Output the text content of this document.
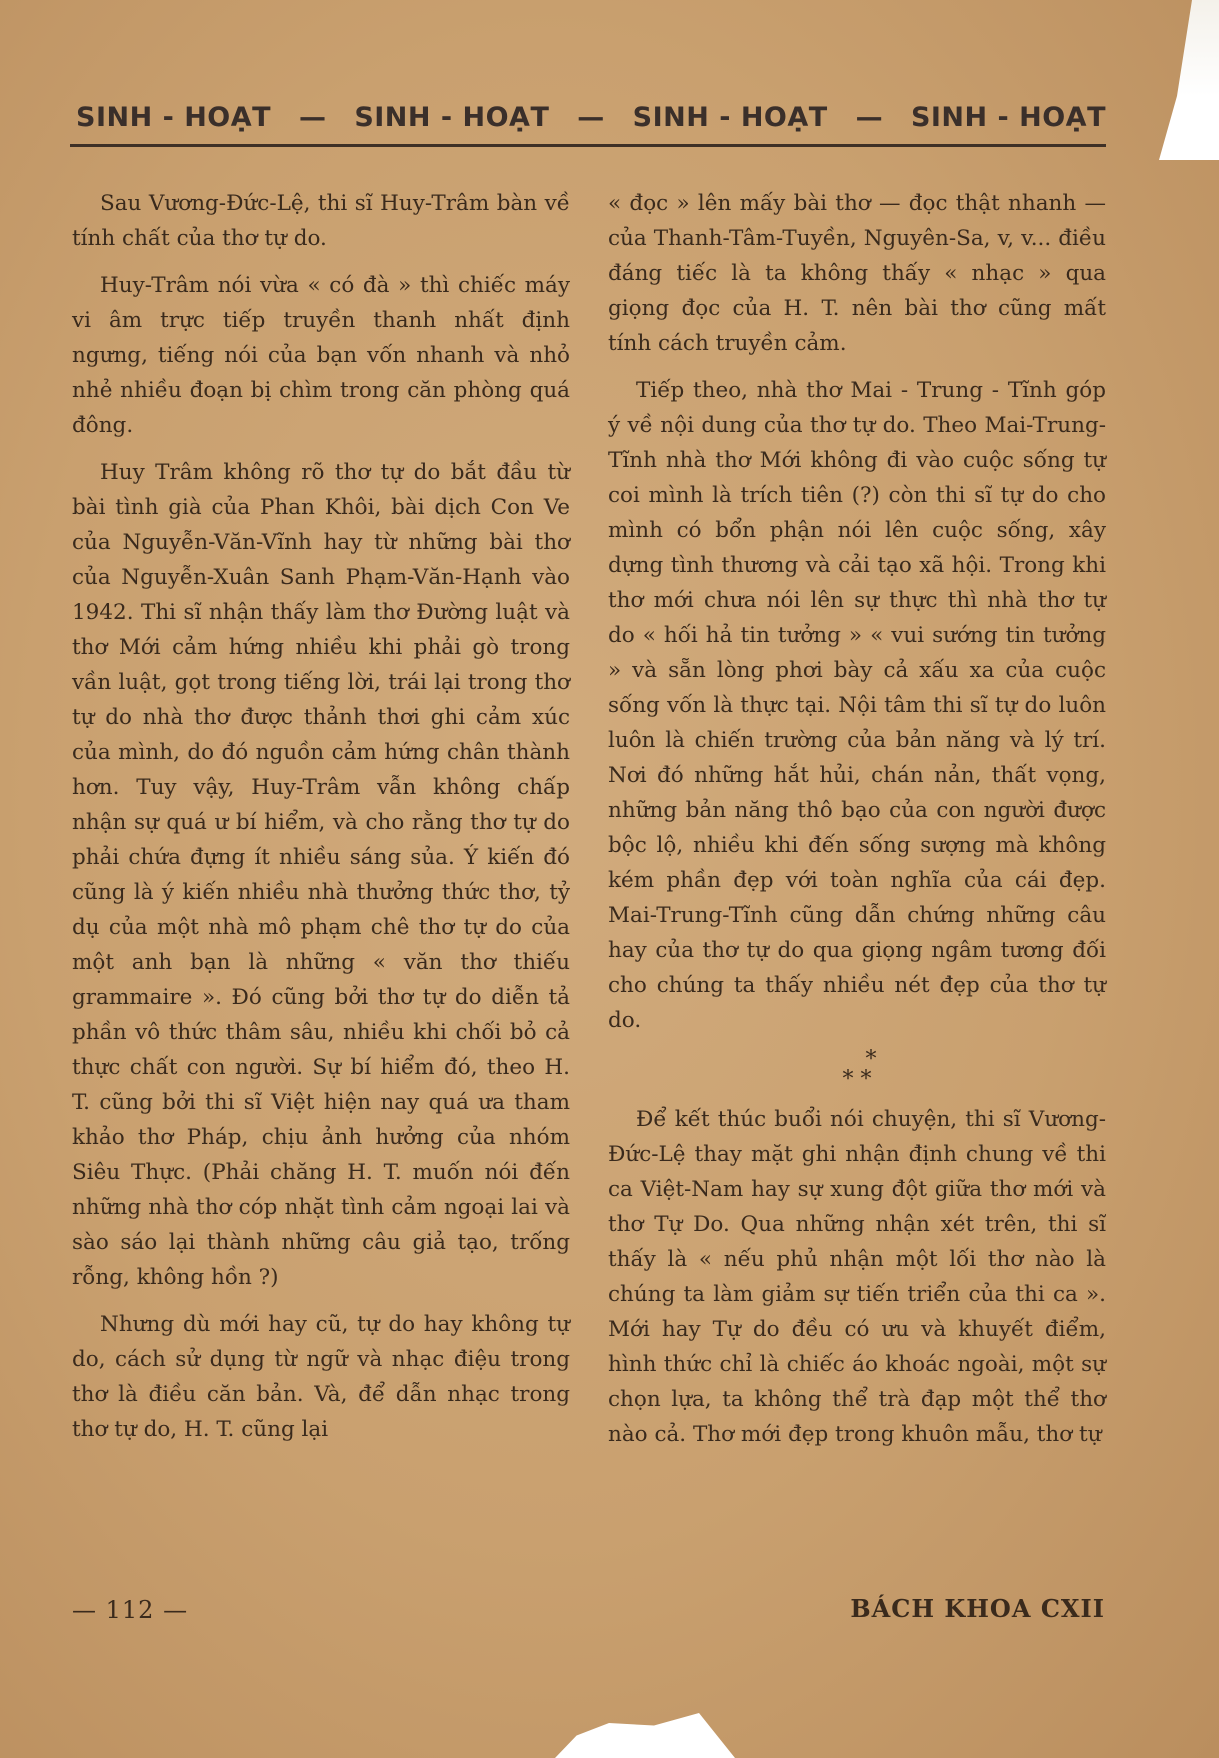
SINH - HOẠT — SINH - HOẠT — SINH - HOẠT — SINH - HOẠT

Sau Vương-Đức-Lệ, thi sĩ Huy-Trâm bàn về tính chất của thơ tự do.

Huy-Trâm nói vừa « có đà » thì chiếc máy vi âm trực tiếp truyền thanh nhất định ngưng, tiếng nói của bạn vốn nhanh và nhỏ nhẻ nhiều đoạn bị chìm trong căn phòng quá đông.

Huy Trâm không rõ thơ tự do bắt đầu từ bài tình già của Phan Khôi, bài dịch Con Ve của Nguyễn-Văn-Vĩnh hay từ những bài thơ của Nguyễn-Xuân Sanh Phạm-Văn-Hạnh vào 1942. Thi sĩ nhận thấy làm thơ Đường luật và thơ Mới cảm hứng nhiều khi phải gò trong vần luật, gọt trong tiếng lời, trái lại trong thơ tự do nhà thơ được thảnh thơi ghi cảm xúc của mình, do đó nguồn cảm hứng chân thành hơn. Tuy vậy, Huy-Trâm vẫn không chấp nhận sự quá ư bí hiểm, và cho rằng thơ tự do phải chứa đựng ít nhiều sáng sủa. Ý kiến đó cũng là ý kiến nhiều nhà thưởng thức thơ, tỷ dụ của một nhà mô phạm chê thơ tự do của một anh bạn là những « văn thơ thiếu grammaire ». Đó cũng bởi thơ tự do diễn tả phần vô thức thâm sâu, nhiều khi chối bỏ cả thực chất con người. Sự bí hiểm đó, theo H. T. cũng bởi thi sĩ Việt hiện nay quá ưa tham khảo thơ Pháp, chịu ảnh hưởng của nhóm Siêu Thực. (Phải chăng H. T. muốn nói đến những nhà thơ cóp nhặt tình cảm ngoại lai và sào sáo lại thành những câu giả tạo, trống rỗng, không hồn ?)

Nhưng dù mới hay cũ, tự do hay không tự do, cách sử dụng từ ngữ và nhạc điệu trong thơ là điều căn bản. Và, để dẫn nhạc trong thơ tự do, H. T. cũng lại

« đọc » lên mấy bài thơ — đọc thật nhanh — của Thanh-Tâm-Tuyền, Nguyên-Sa, v, v... điều đáng tiếc là ta không thấy « nhạc » qua giọng đọc của H. T. nên bài thơ cũng mất tính cách truyền cảm.

Tiếp theo, nhà thơ Mai - Trung - Tĩnh góp ý về nội dung của thơ tự do. Theo Mai-Trung-Tĩnh nhà thơ Mới không đi vào cuộc sống tự coi mình là trích tiên (?) còn thi sĩ tự do cho mình có bổn phận nói lên cuộc sống, xây dựng tình thương và cải tạo xã hội. Trong khi thơ mới chưa nói lên sự thực thì nhà thơ tự do « hối hả tin tưởng » « vui sướng tin tưởng » và sẵn lòng phơi bày cả xấu xa của cuộc sống vốn là thực tại. Nội tâm thi sĩ tự do luôn luôn là chiến trường của bản năng và lý trí. Nơi đó những hắt hủi, chán nản, thất vọng, những bản năng thô bạo của con người được bộc lộ, nhiều khi đến sống sượng mà không kém phần đẹp với toàn nghĩa của cái đẹp. Mai-Trung-Tĩnh cũng dẫn chứng những câu hay của thơ tự do qua giọng ngâm tương đối cho chúng ta thấy nhiều nét đẹp của thơ tự do.

*
* *

Để kết thúc buổi nói chuyện, thi sĩ Vương-Đức-Lệ thay mặt ghi nhận định chung về thi ca Việt-Nam hay sự xung đột giữa thơ mới và thơ Tự Do. Qua những nhận xét trên, thi sĩ thấy là « nếu phủ nhận một lối thơ nào là chúng ta làm giảm sự tiến triển của thi ca ». Mới hay Tự do đều có ưu và khuyết điểm, hình thức chỉ là chiếc áo khoác ngoài, một sự chọn lựa, ta không thể trà đạp một thể thơ nào cả. Thơ mới đẹp trong khuôn mẫu, thơ tự

— 112 —	BÁCH KHOA CXII
